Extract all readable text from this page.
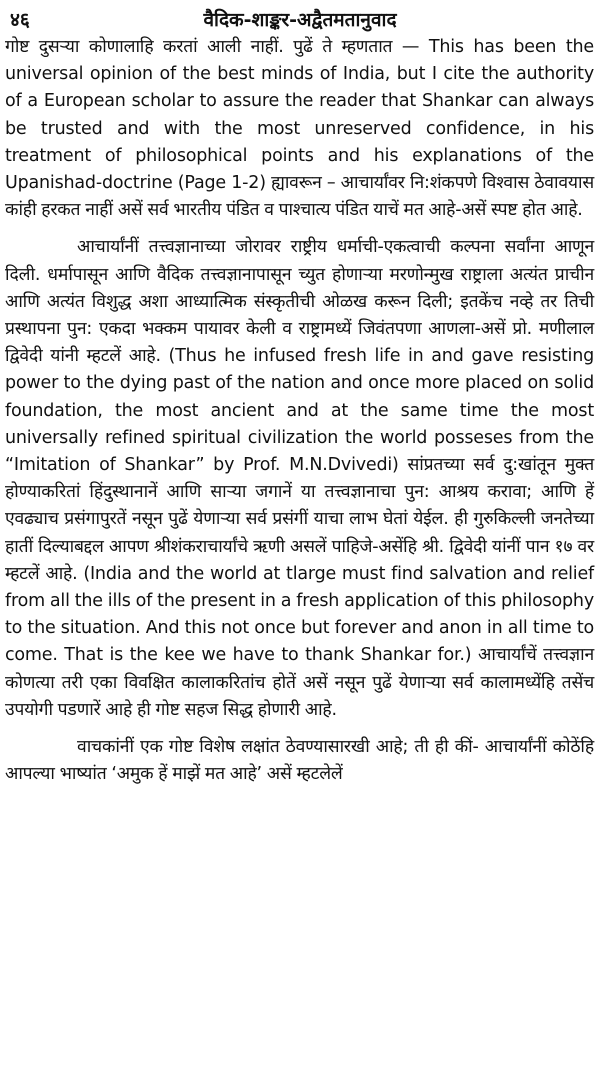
४६	वैदिक-शाङ्कर-अद्वैतमतानुवाद

गोष्ट दुसऱ्या कोणालाहि करतां आली नाहीं. पुढें ते म्हणतात — This has been the universal opinion of the best minds of India, but I cite the authority of a European scholar to assure the reader that Shankar can always be trusted and with the most unreserved confidence, in his treatment of philosophical points and his explanations of the Upanishad-doctrine (Page 1-2) ह्यावरून – आचार्यांवर नि:शंकपणे विश्वास ठेवावयास कांही हरकत नाहीं असें सर्व भारतीय पंडित व पाश्चात्य पंडित याचें मत आहे-असें स्पष्ट होत आहे.

आचार्यांनीं तत्त्वज्ञानाच्या जोरावर राष्ट्रीय धर्माची-एकत्वाची कल्पना सर्वांना आणून दिली. धर्मापासून आणि वैदिक तत्त्वज्ञानापासून च्युत होणाऱ्या मरणोन्मुख राष्ट्राला अत्यंत प्राचीन आणि अत्यंत विशुद्ध अशा आध्यात्मिक संस्कृतीची ओळख करून दिली; इतकेंच नव्हे तर तिची प्रस्थापना पुन: एकदा भक्कम पायावर केली व राष्ट्रामध्यें जिवंतपणा आणला-असें प्रो. मणीलाल द्विवेदी यांनी म्हटलें आहे. (Thus he infused fresh life in and gave resisting power to the dying past of the nation and once more placed on solid foundation, the most ancient and at the same time the most universally refined spiritual civilization the world posseses from the “Imitation of Shankar” by Prof. M.N.Dvivedi) सांप्रतच्या सर्व दु:खांतून मुक्त होण्याकरितां हिंदुस्थानानें आणि साऱ्या जगानें या तत्त्वज्ञानाचा पुन: आश्रय करावा; आणि हें एवढ्याच प्रसंगापुरतें नसून पुढें येणाऱ्या सर्व प्रसंगीं याचा लाभ घेतां येईल. ही गुरुकिल्ली जनतेच्या हातीं दिल्याबद्दल आपण श्रीशंकराचार्यांचे ऋणी असलें पाहिजे-असेंहि श्री. द्विवेदी यांनीं पान १७ वर म्हटलें आहे. (India and the world at tlarge must find salvation and relief from all the ills of the present in a fresh application of this philosophy to the situation. And this not once but forever and anon in all time to come. That is the kee we have to thank Shankar for.) आचार्यांचें तत्त्वज्ञान कोणत्या तरी एका विवक्षित कालाकरितांच होतें असें नसून पुढें येणाऱ्या सर्व कालामध्येंहि तसेंच उपयोगी पडणारें आहे ही गोष्ट सहज सिद्ध होणारी आहे.

वाचकांनीं एक गोष्ट विशेष लक्षांत ठेवण्यासारखी आहे; ती ही कीं- आचार्यांनीं कोठेंहि आपल्या भाष्यांत ‘अमुक हें माझें मत आहे’ असें म्हटलेलें
